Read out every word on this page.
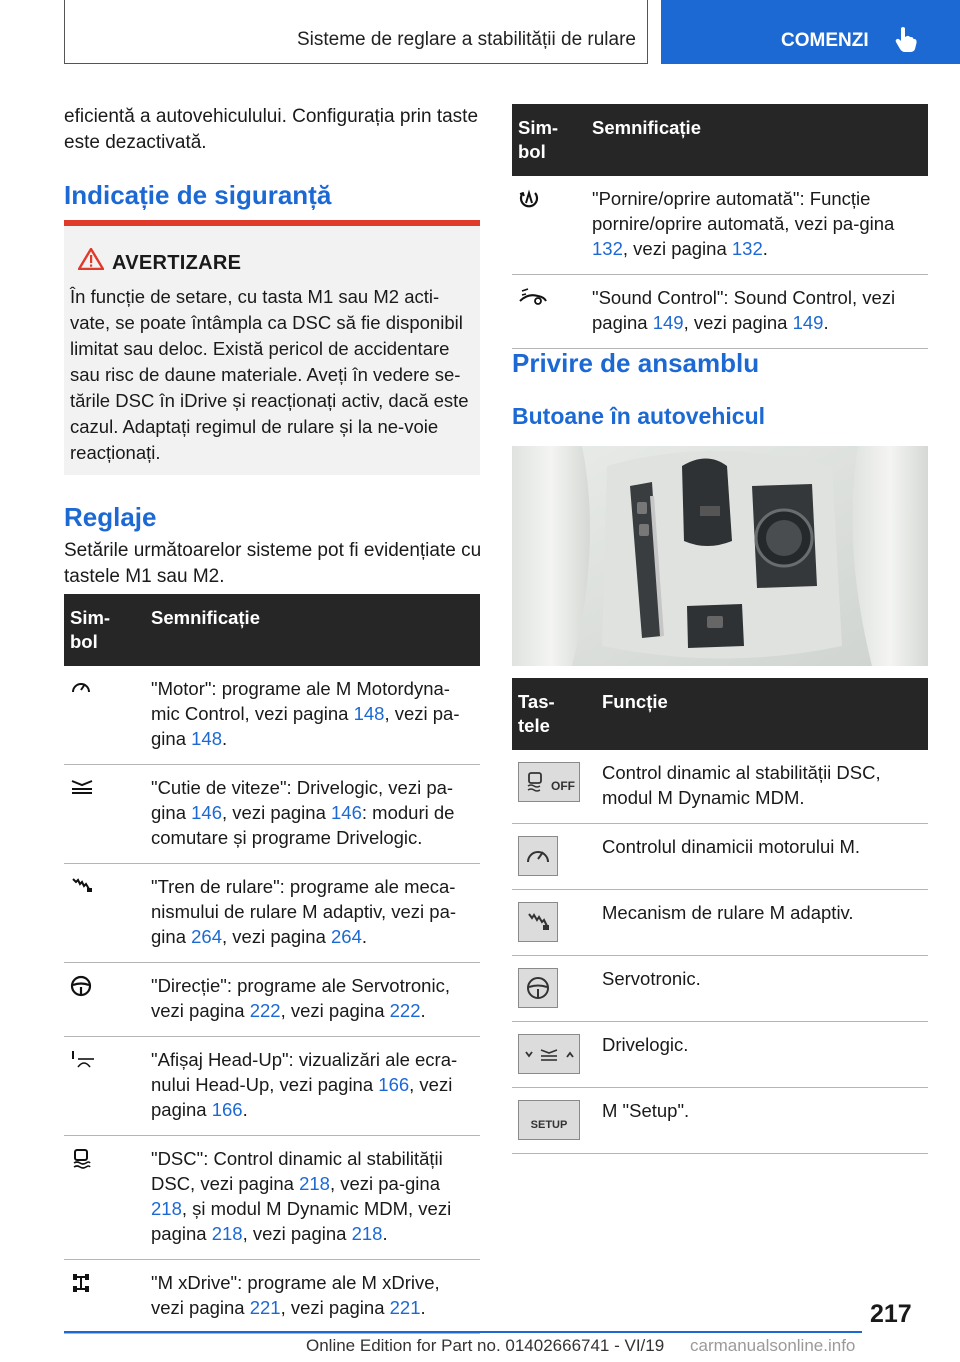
Sisteme de reglare a stabilității de rulare	COMENZI

eficientă a autovehiculului. Configurația prin taste este dezactivată.

Indicație de siguranță
AVERTIZARE
În funcție de setare, cu tasta M1 sau M2 acti-vate, se poate întâmpla ca DSC să fie disponibil limitat sau deloc. Există pericol de accidentare sau risc de daune materiale. Aveți în vedere se-tările DSC în iDrive și reacționați activ, dacă este cazul. Adaptați regimul de rulare și la ne-voie reacționați.
Reglaje

Setările următoarelor sisteme pot fi evidențiate cu tastele M1 sau M2.

Sim-
bol	Semnificație
	"Motor": programe ale M Motordyna-mic Control, vezi pagina 148, vezi pa-gina 148.
	"Cutie de viteze": Drivelogic, vezi pa-gina 146, vezi pagina 146: moduri de comutare și programe Drivelogic.
	"Tren de rulare": programe ale meca-nismului de rulare M adaptiv, vezi pa-gina 264, vezi pagina 264.
	"Direcție": programe ale Servotronic, vezi pagina 222, vezi pagina 222.
	"Afișaj Head-Up": vizualizări ale ecra-nului Head-Up, vezi pagina 166, vezi pagina 166.
	"DSC": Control dinamic al stabilității DSC, vezi pagina 218, vezi pa-gina 218, și modul M Dynamic MDM, vezi pagina 218, vezi pagina 218.
	"M xDrive": programe ale M xDrive, vezi pagina 221, vezi pagina 221.
Sim-
bol	Semnificație
	"Pornire/oprire automată": Funcție pornire/oprire automată, vezi pa-gina 132, vezi pagina 132.
	"Sound Control": Sound Control, vezi pagina 149, vezi pagina 149.
Privire de ansamblu
Butoane în autovehicul
Tas-
tele	Funcție

OFF	Control dinamic al stabilității DSC, modul M Dynamic MDM.

	Controlul dinamicii motorului M.

	Mecanism de rulare M adaptiv.

	Servotronic.

	Drivelogic.

SETUP	M "Setup".
217
Online Edition for Part no. 01402666741 - VI/19 carmanualsonline.info
